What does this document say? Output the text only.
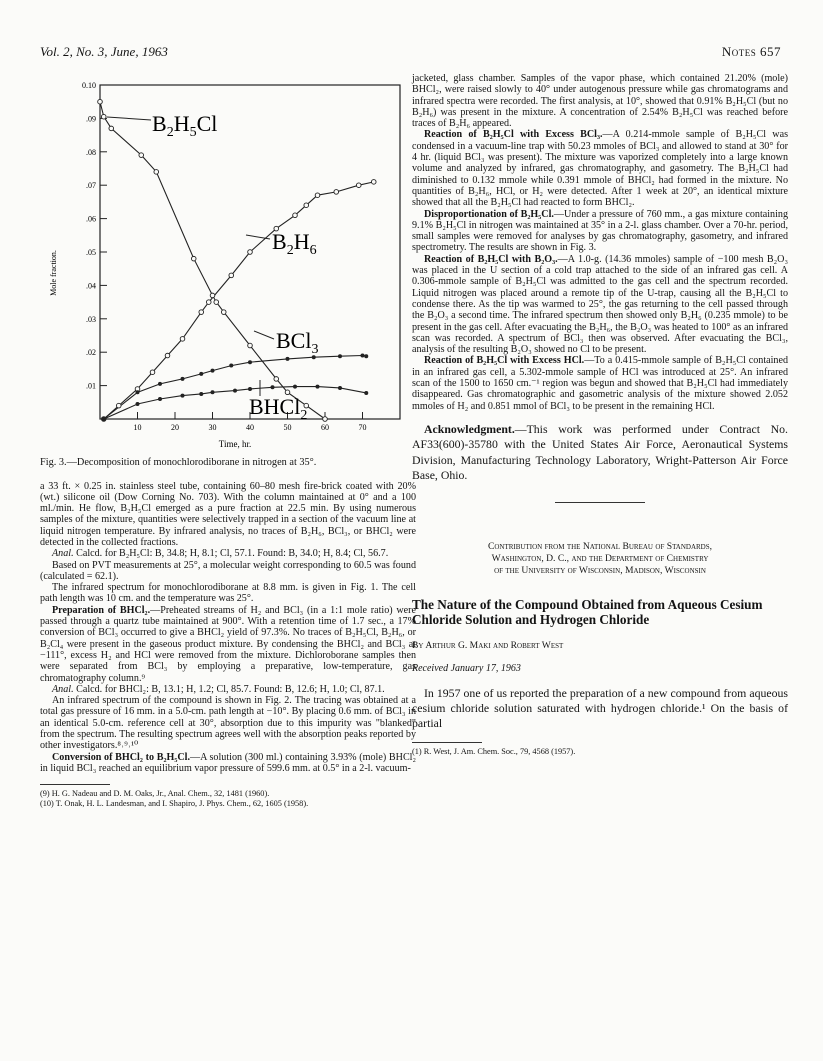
Vol. 2, No. 3, June, 1963	Notes 657
0.10
.09
.08
.07
.06
.05
.04
.03
.02
.01
10	20	30	40	50	60	70
$B_2H_5Cl$
$B_2H_6$
BCl$_3$
BHCl$_2$
Mole fraction.
Time, hr.
Fig. 3.—Decomposition of monochlorodiborane in nitrogen at 35°.

a 33 ft. × 0.25 in. stainless steel tube, containing 60–80 mesh fire-brick coated with 20% (wt.) silicone oil (Dow Corning No. 703). With the column maintained at 0° and a 100 ml./min. He flow, B₂H₅Cl emerged as a pure fraction at 22.5 min. By using numerous samples of the mixture, quantities were selectively trapped in a section of the vacuum line at liquid nitrogen temperature. By infrared analysis, no traces of B₂H₆, BCl₃, or BHCl₂ were detected in the collected fractions.

Anal. Calcd. for B₂H₅Cl: B, 34.8; H, 8.1; Cl, 57.1. Found: B, 34.0; H, 8.4; Cl, 56.7.

Based on PVT measurements at 25°, a molecular weight corresponding to 60.5 was found (calculated = 62.1).

The infrared spectrum for monochlorodiborane at 8.8 mm. is given in Fig. 1. The cell path length was 10 cm. and the temperature was 25°.

Preparation of BHCl₂.—Preheated streams of H₂ and BCl₃ (in a 1:1 mole ratio) were passed through a quartz tube maintained at 900°. With a retention time of 1.7 sec., a 17% conversion of BCl₃ occurred to give a BHCl₂ yield of 97.3%. No traces of B₂H₅Cl, B₂H₆, or B₂Cl₄ were present in the gaseous product mixture. By condensing the BHCl₂ and BCl₃ at −111°, excess H₂ and HCl were removed from the mixture. Dichloroborane samples then were separated from BCl₃ by employing a preparative, low-temperature, gas chromatography column.⁹

Anal. Calcd. for BHCl₂: B, 13.1; H, 1.2; Cl, 85.7. Found: B, 12.6; H, 1.0; Cl, 87.1.

An infrared spectrum of the compound is shown in Fig. 2. The tracing was obtained at a total gas pressure of 16 mm. in a 5.0-cm. path length at −10°. By placing 0.6 mm. of BCl₃ in an identical 5.0-cm. reference cell at 30°, absorption due to this impurity was "blanked" from the spectrum. The resulting spectrum agrees well with the absorption peaks reported by other investigators.⁸˒⁹˒¹⁰

Conversion of BHCl₂ to B₂H₅Cl.—A solution (300 ml.) containing 3.93% (mole) BHCl₂ in liquid BCl₃ reached an equilibrium vapor pressure of 599.6 mm. at 0.5° in a 2-l. vacuum-

(9) H. G. Nadeau and D. M. Oaks, Jr., Anal. Chem., 32, 1481 (1960).

(10) T. Onak, H. L. Landesman, and I. Shapiro, J. Phys. Chem., 62, 1605 (1958).

jacketed, glass chamber. Samples of the vapor phase, which contained 21.20% (mole) BHCl₂, were raised slowly to 40° under autogenous pressure while gas chromatograms and infrared spectra were recorded. The first analysis, at 10°, showed that 0.91% B₂H₅Cl (but no B₂H₆) was present in the mixture. A concentration of 2.54% B₂H₅Cl was reached before traces of B₂H₆ appeared.

Reaction of B₂H₅Cl with Excess BCl₃.—A 0.214-mmole sample of B₂H₅Cl was condensed in a vacuum-line trap with 50.23 mmoles of BCl₃ and allowed to stand at 30° for 4 hr. (liquid BCl₃ was present). The mixture was vaporized completely into a large known volume and analyzed by infrared, gas chromatography, and gasometry. The B₂H₅Cl had diminished to 0.132 mmole while 0.391 mmole of BHCl₂ had formed in the mixture. No quantities of B₂H₆, HCl, or H₂ were detected. After 1 week at 20°, an identical mixture showed that all the B₂H₅Cl had reacted to form BHCl₂.

Disproportionation of B₂H₅Cl.—Under a pressure of 760 mm., a gas mixture containing 9.1% B₂H₅Cl in nitrogen was maintained at 35° in a 2-l. glass chamber. Over a 70-hr. period, small samples were removed for analyses by gas chromatography, gasometry, and infrared spectrometry. The results are shown in Fig. 3.

Reaction of B₂H₅Cl with B₂O₃.—A 1.0-g. (14.36 mmoles) sample of −100 mesh B₂O₃ was placed in the U section of a cold trap attached to the side of an infrared gas cell. A 0.306-mmole sample of B₂H₅Cl was admitted to the gas cell and the spectrum recorded. Liquid nitrogen was placed around a remote tip of the U-trap, causing all the B₂H₅Cl to condense there. As the tip was warmed to 25°, the gas returning to the cell passed through the B₂O₃ a second time. The infrared spectrum then showed only B₂H₆ (0.235 mmole) to be present in the gas cell. After evacuating the B₂H₆, the B₂O₃ was heated to 100° as an infrared scan was recorded. A spectrum of BCl₃ then was observed. After evacuating the BCl₃, analysis of the resulting B₂O₃ showed no Cl to be present.

Reaction of B₂H₅Cl with Excess HCl.—To a 0.415-mmole sample of B₂H₅Cl contained in an infrared gas cell, a 5.302-mmole sample of HCl was introduced at 25°. An infrared scan of the 1500 to 1650 cm.⁻¹ region was begun and showed that B₂H₅Cl had immediately disappeared. Gas chromatographic and gasometric analysis of the mixture showed 2.052 mmoles of H₂ and 0.851 mmol of BCl₃ to be present in the remaining HCl.

Acknowledgment.—This work was performed under Contract No. AF33(600)-35780 with the United States Air Force, Aeronautical Systems Division, Manufacturing Technology Laboratory, Wright-Patterson Air Force Base, Ohio.

Contribution from the National Bureau of Standards,
Washington, D. C., and the Department of Chemistry
of the University of Wisconsin, Madison, Wisconsin
The Nature of the Compound Obtained from Aqueous Cesium Chloride Solution and Hydrogen Chloride
By Arthur G. Maki and Robert West
Received January 17, 1963

In 1957 one of us reported the preparation of a new compound from aqueous cesium chloride solution saturated with hydrogen chloride.¹ On the basis of partial

(1) R. West, J. Am. Chem. Soc., 79, 4568 (1957).
